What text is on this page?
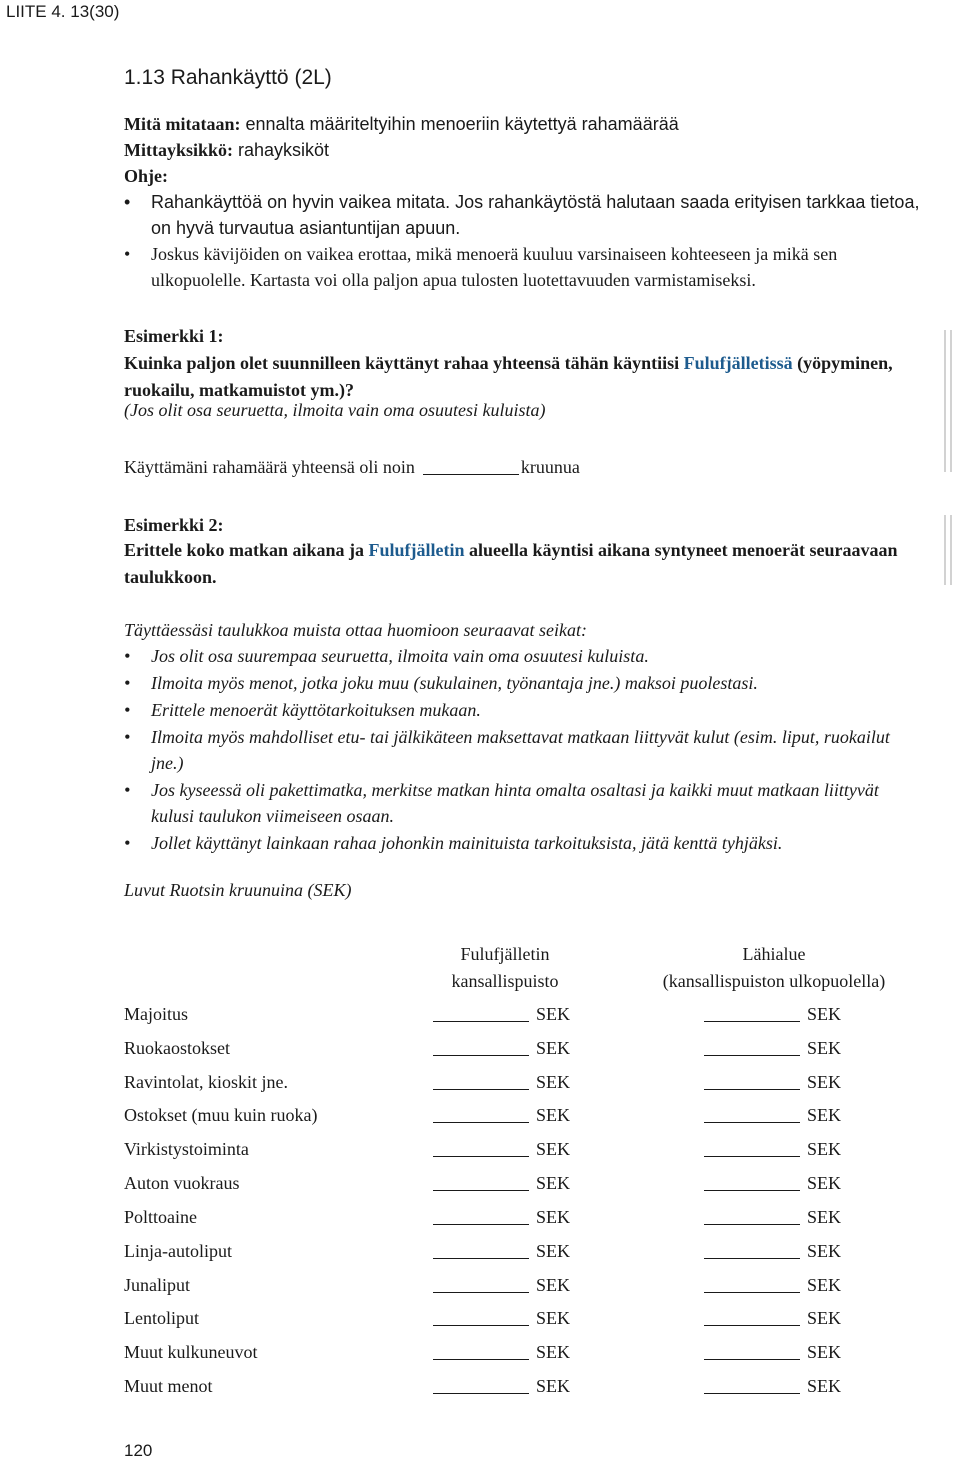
LIITE 4. 13(30)
1.13 Rahankäyttö (2L)
Mitä mitataan: ennalta määriteltyihin menoeriin käytettyä rahamäärää
Mittayksikkö: rahayksiköt
Ohje:
• Rahankäyttöä on hyvin vaikea mitata. Jos rahankäytöstä halutaan saada erityisen tarkkaa tietoa, on hyvä turvautua asiantuntijan apuun.
• Joskus kävijöiden on vaikea erottaa, mikä menoerä kuuluu varsinaiseen kohteeseen ja mikä sen ulkopuolelle. Kartasta voi olla paljon apua tulosten luotettavuuden varmistamiseksi.
Esimerkki 1:
Kuinka paljon olet suunnilleen käyttänyt rahaa yhteensä tähän käyntiisi Fulufjälletissä (yöpyminen, ruokailu, matkamuistot ym.)?
(Jos olit osa seuruetta, ilmoita vain oma osuutesi kuluista)
Käyttämäni rahamäärä yhteensä oli noin	kruunua
Esimerkki 2:
Erittele koko matkan aikana ja Fulufjälletin alueella käyntisi aikana syntyneet menoerät seuraavaan taulukkoon.
Täyttäessäsi taulukkoa muista ottaa huomioon seuraavat seikat:
• Jos olit osa suurempaa seuruetta, ilmoita vain oma osuutesi kuluista.
• Ilmoita myös menot, jotka joku muu (sukulainen, työnantaja jne.) maksoi puolestasi.
• Erittele menoerät käyttötarkoituksen mukaan.
• Ilmoita myös mahdolliset etu- tai jälkikäteen maksettavat matkaan liittyvät kulut (esim. liput, ruokailut jne.)
• Jos kyseessä oli pakettimatka, merkitse matkan hinta omalta osaltasi ja kaikki muut matkaan liittyvät kulusi taulukon viimeiseen osaan.
• Jollet käyttänyt lainkaan rahaa johonkin mainituista tarkoituksista, jätä kenttä tyhjäksi.
Luvut Ruotsin kruunuina (SEK)
Fulufjälletin
kansallispuisto
Lähialue
(kansallispuiston ulkopuolella)
Majoitus	SEK	SEK
Ruokaostokset	SEK	SEK
Ravintolat, kioskit jne.	SEK	SEK
Ostokset (muu kuin ruoka)	SEK	SEK
Virkistystoiminta	SEK	SEK
Auton vuokraus	SEK	SEK
Polttoaine	SEK	SEK
Linja-autoliput	SEK	SEK
Junaliput	SEK	SEK
Lentoliput	SEK	SEK
Muut kulkuneuvot	SEK	SEK
Muut menot	SEK	SEK
120
